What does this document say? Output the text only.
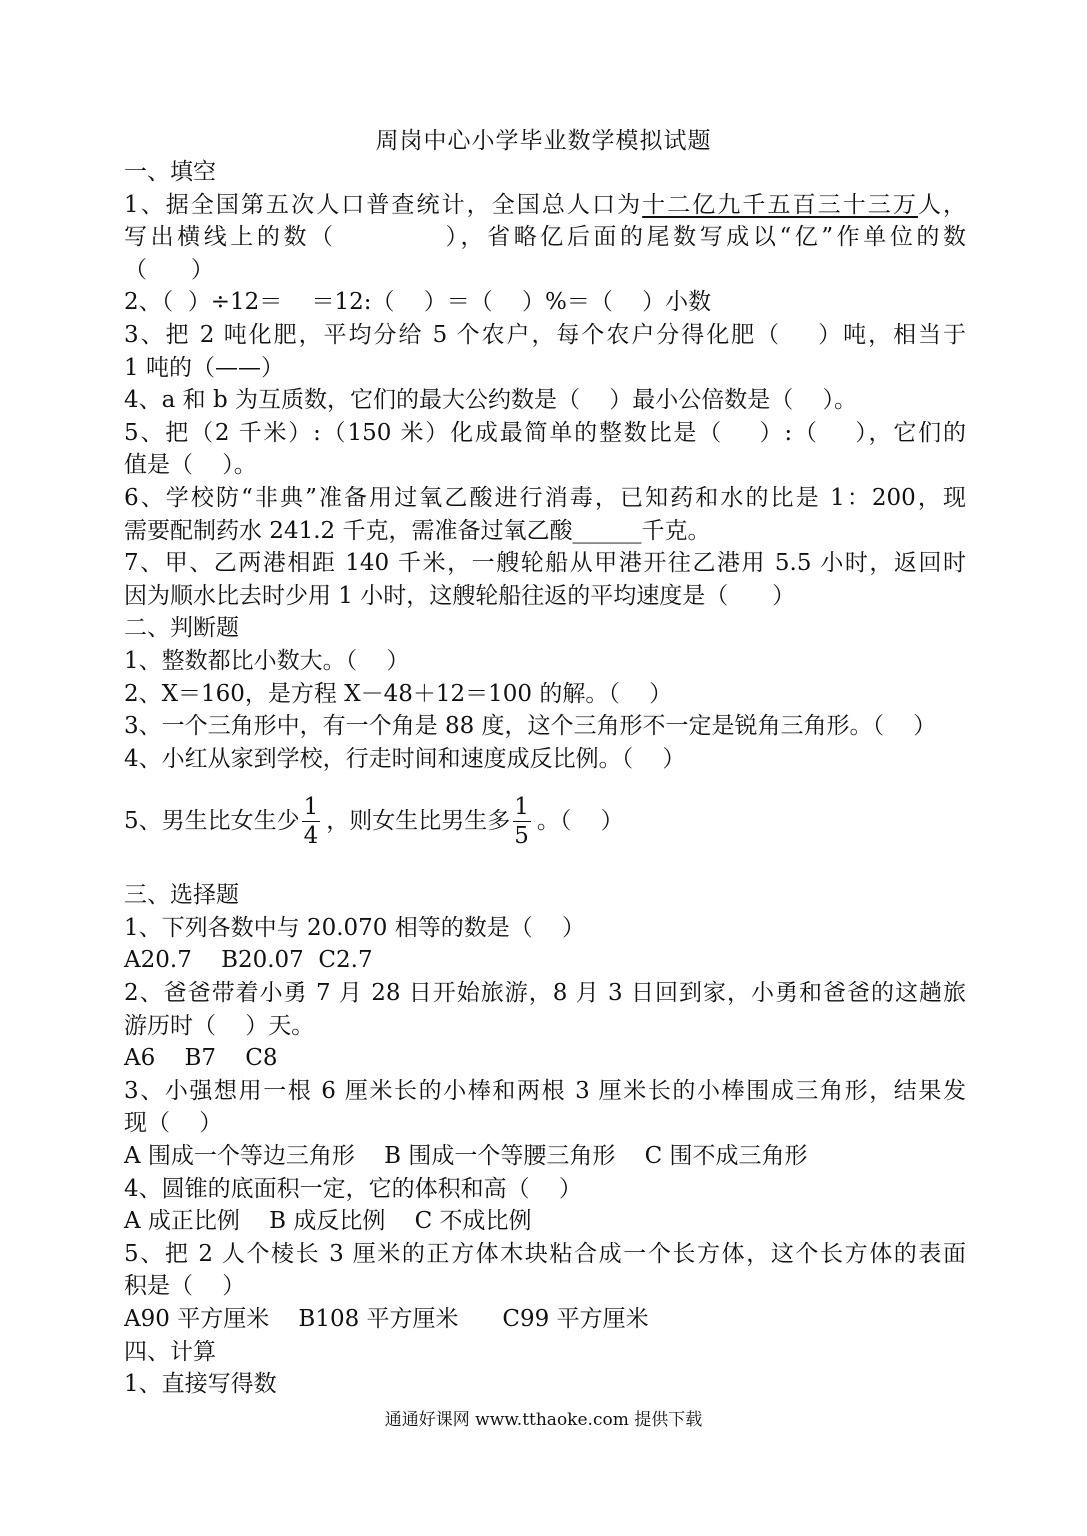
周岗中心小学毕业数学模拟试题

一、填空

1、据全国第五次人口普查统计，全国总人口为十二亿九千五百三十三万人，

写出横线上的数（          ），省略亿后面的尾数写成以“亿”作单位的数

（      ）

2、（  ）÷12＝    ＝12:（    ）＝（    ）%＝（    ）小数

3、把 2 吨化肥，平均分给 5 个农户，每个农户分得化肥（    ）吨，相当于

1 吨的（——）

4、a 和 b 为互质数，它们的最大公约数是（    ）最小公倍数是（    ）。

5、把（2 千米）:（150 米）化成最简单的整数比是（    ）:（    ），它们的

值是（    ）。

6、学校防“非典”准备用过氧乙酸进行消毒，已知药和水的比是 1：200，现

需要配制药水 241.2 千克，需准备过氧乙酸______千克。

7、甲、乙两港相距 140 千米，一艘轮船从甲港开往乙港用 5.5 小时，返回时

因为顺水比去时少用 1 小时，这艘轮船往返的平均速度是（      ）

二、判断题

1、整数都比小数大。（    ）

2、X＝160，是方程 X－48＋12＝100 的解。（    ）

3、一个三角形中，有一个角是 88 度，这个三角形不一定是锐角三角形。（    ）

4、小红从家到学校，行走时间和速度成反比例。（    ）

5、男生比女生少 $\frac{1}{4}$ ，则女生比男生多 $\frac{1}{5}$ 。（    ）

三、选择题

1、下列各数中与 20.070 相等的数是（    ）

A20.7    B20.07  C2.7

2、爸爸带着小勇 7 月 28 日开始旅游，8 月 3 日回到家，小勇和爸爸的这趟旅

游历时（    ）天。

A6    B7    C8

3、小强想用一根 6 厘米长的小棒和两根 3 厘米长的小棒围成三角形，结果发

现（    ）

A 围成一个等边三角形    B 围成一个等腰三角形    C 围不成三角形

4、圆锥的底面积一定，它的体积和高（    ）

A 成正比例    B 成反比例    C 不成比例

5、把 2 人个棱长 3 厘米的正方体木块粘合成一个长方体，这个长方体的表面

积是（    ）

A90 平方厘米    B108 平方厘米      C99 平方厘米

四、计算

1、直接写得数

通通好课网 www.tthaoke.com 提供下载
